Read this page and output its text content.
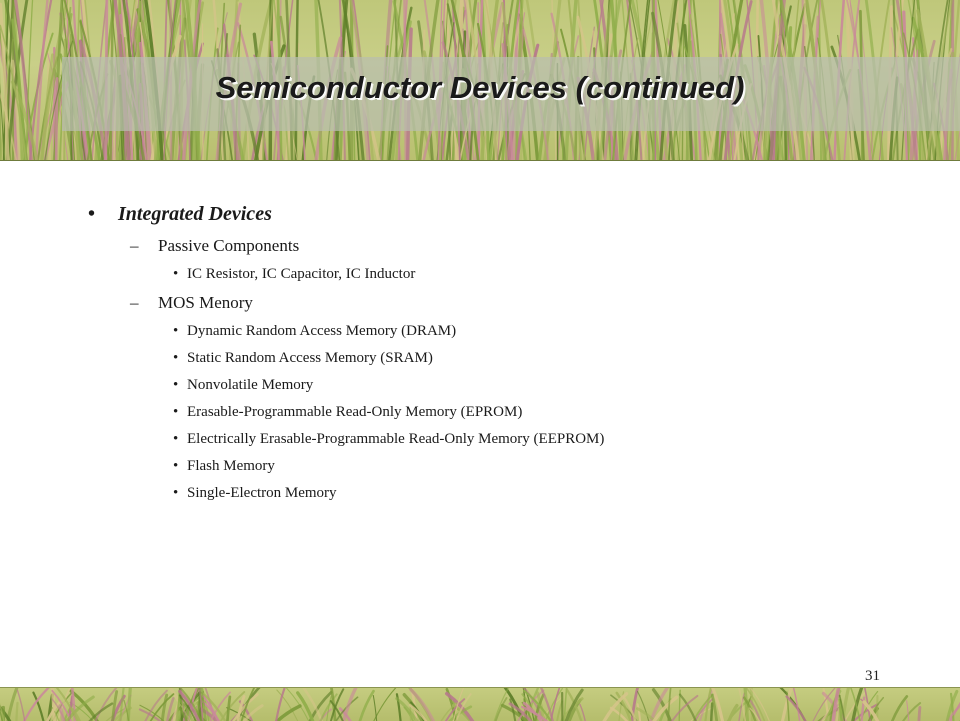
Semiconductor Devices (continued)
• Integrated Devices
– Passive Components
• IC Resistor, IC Capacitor, IC Inductor
– MOS Menory
• Dynamic Random Access Memory (DRAM)
• Static Random Access Memory (SRAM)
• Nonvolatile Memory
• Erasable-Programmable Read-Only Memory (EPROM)
• Electrically Erasable-Programmable Read-Only Memory (EEPROM)
• Flash Memory
• Single-Electron Memory
31
